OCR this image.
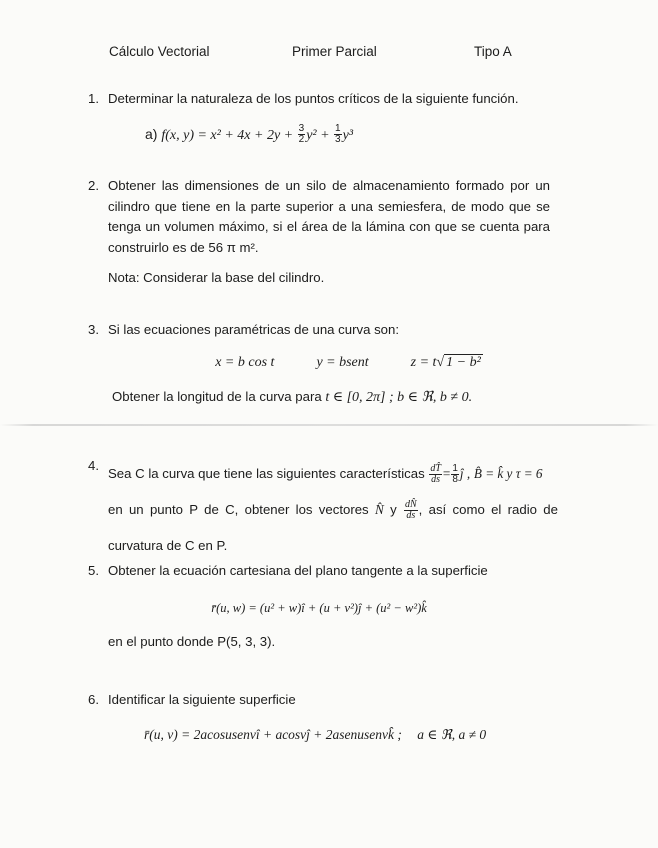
Cálculo Vectorial	Primer Parcial	Tipo A
1. Determinar la naturaleza de los puntos críticos de la siguiente función.
a) f(x, $y) = x^2 + 4x + 2y + \frac{3}{2} y^2 + \frac{1}{3} y^3$
2. Obtener las dimensiones de un silo de almacenamiento formado por un cilindro que tiene en la parte superior a una semiesfera, de modo que se tenga un volumen máximo, si el área de la lámina con que se cuenta para construirlo es de 56 π m².
Nota: Considerar la base del cilindro.
3. Si las ecuaciones paramétricas de una curva son:
x = b cos t	y = bsent	z = t√ 1 − b²
Obtener la longitud de la curva para t ∈ [0, 2π] ; b ∈ ℜ, b ≠ 0.
4.
Sea C la curva que tiene las siguientes características $\frac{dT̂}{ds} = \frac{1}{8}$ ĵ , B̂ = k̂ y τ = 6
en un punto P de C, obtener los vectores N̂ y $\frac{dN̂}{ds}$ , así como el radio de curvatura de C en P.
5. Obtener la ecuación cartesiana del plano tangente a la superficie
r̄(u, w) = (u² + w)î + (u + v²)ĵ + (u² − w²)k̂
en el punto donde P(5, 3, 3).
6. Identificar la siguiente superficie
r̄(u, v) = 2acosusenvî + acosvĵ + 2asenusenvk̂ ; a ∈ ℜ, a ≠ 0
